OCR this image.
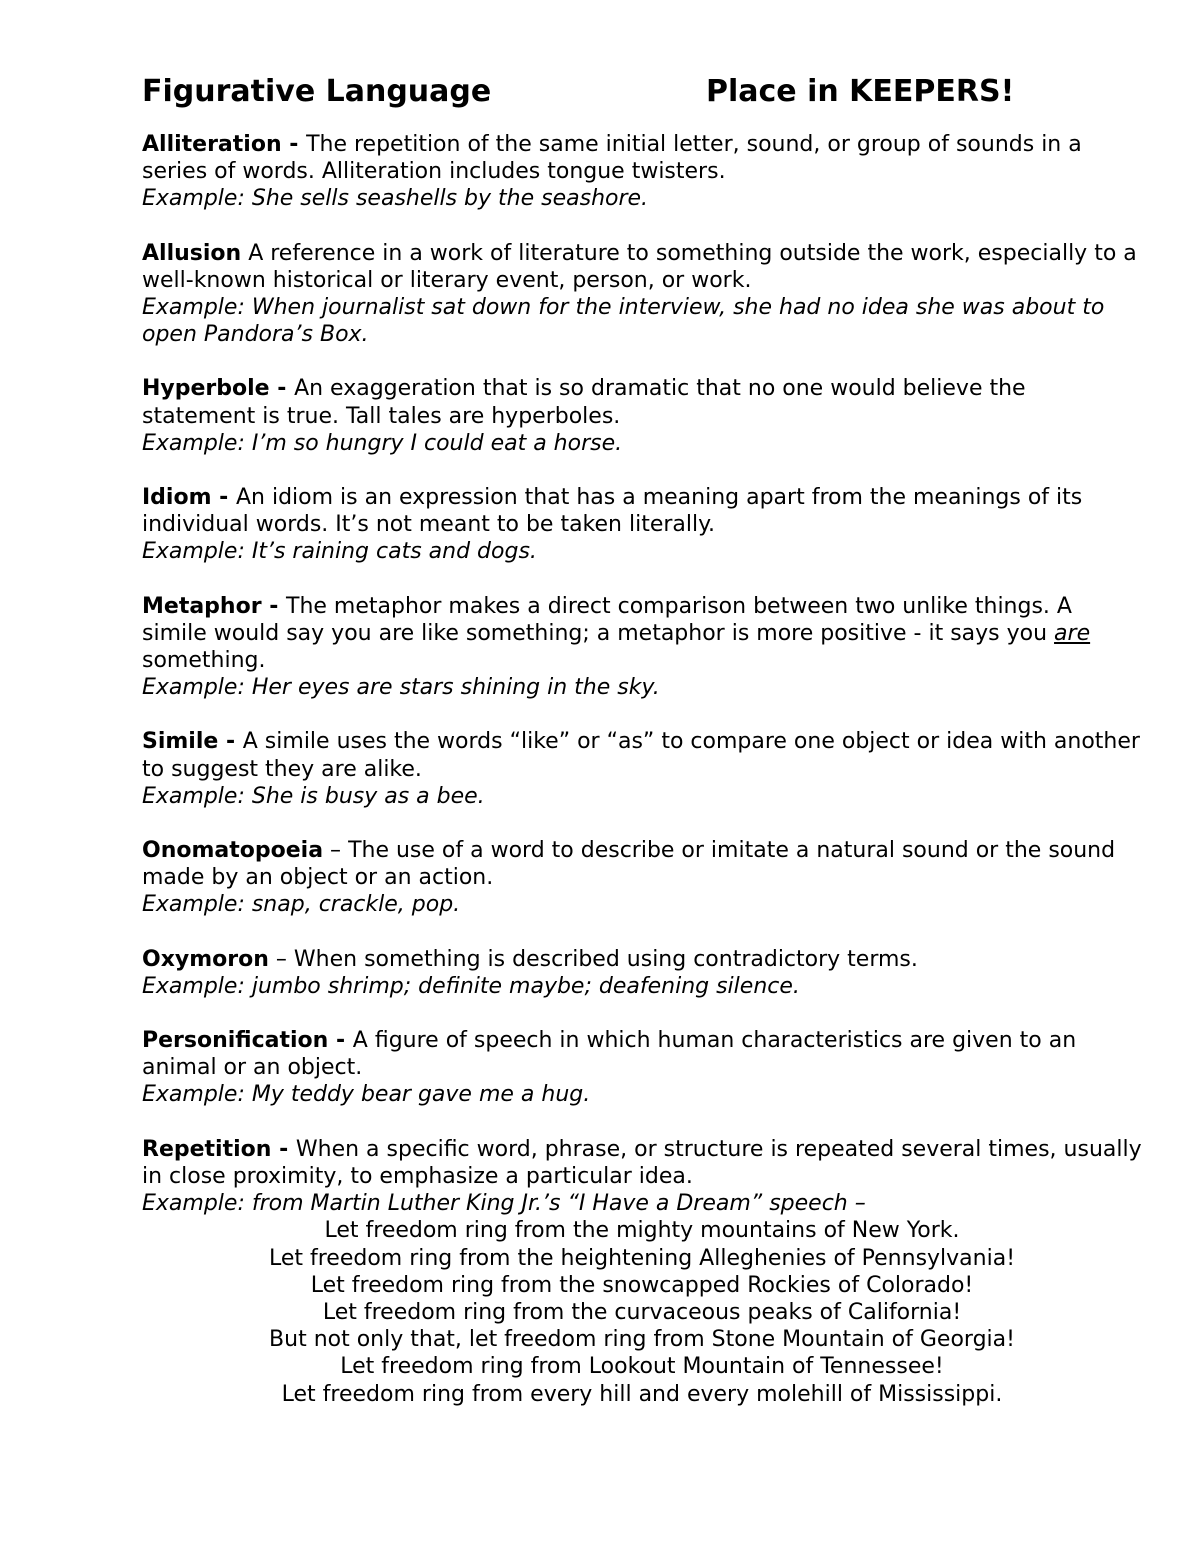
Figurative Language	Place in KEEPERS!

Alliteration - The repetition of the same initial letter, sound, or group of sounds in a series of words. Alliteration includes tongue twisters.

Example: She sells seashells by the seashore.

Allusion A reference in a work of literature to something outside the work, especially to a well-known historical or literary event, person, or work.

Example: When journalist sat down for the interview, she had no idea she was about to open Pandora’s Box.

Hyperbole - An exaggeration that is so dramatic that no one would believe the statement is true. Tall tales are hyperboles.

Example: I’m so hungry I could eat a horse.

Idiom - An idiom is an expression that has a meaning apart from the meanings of its individual words. It’s not meant to be taken literally.

Example: It’s raining cats and dogs.

Metaphor - The metaphor makes a direct comparison between two unlike things. A simile would say you are like something; a metaphor is more positive - it says you are something.

Example: Her eyes are stars shining in the sky.

Simile - A simile uses the words “like” or “as” to compare one object or idea with another to suggest they are alike.

Example: She is busy as a bee.

Onomatopoeia – The use of a word to describe or imitate a natural sound or the sound made by an object or an action.

Example: snap, crackle, pop.

Oxymoron – When something is described using contradictory terms.

Example: jumbo shrimp; definite maybe; deafening silence.

Personification - A figure of speech in which human characteristics are given to an animal or an object.

Example: My teddy bear gave me a hug.

Repetition - When a specific word, phrase, or structure is repeated several times, usually in close proximity, to emphasize a particular idea.

Example: from Martin Luther King Jr.’s “I Have a Dream” speech –

Let freedom ring from the mighty mountains of New York.
Let freedom ring from the heightening Alleghenies of Pennsylvania!
Let freedom ring from the snowcapped Rockies of Colorado!
Let freedom ring from the curvaceous peaks of California!
But not only that, let freedom ring from Stone Mountain of Georgia!
Let freedom ring from Lookout Mountain of Tennessee!
Let freedom ring from every hill and every molehill of Mississippi.
